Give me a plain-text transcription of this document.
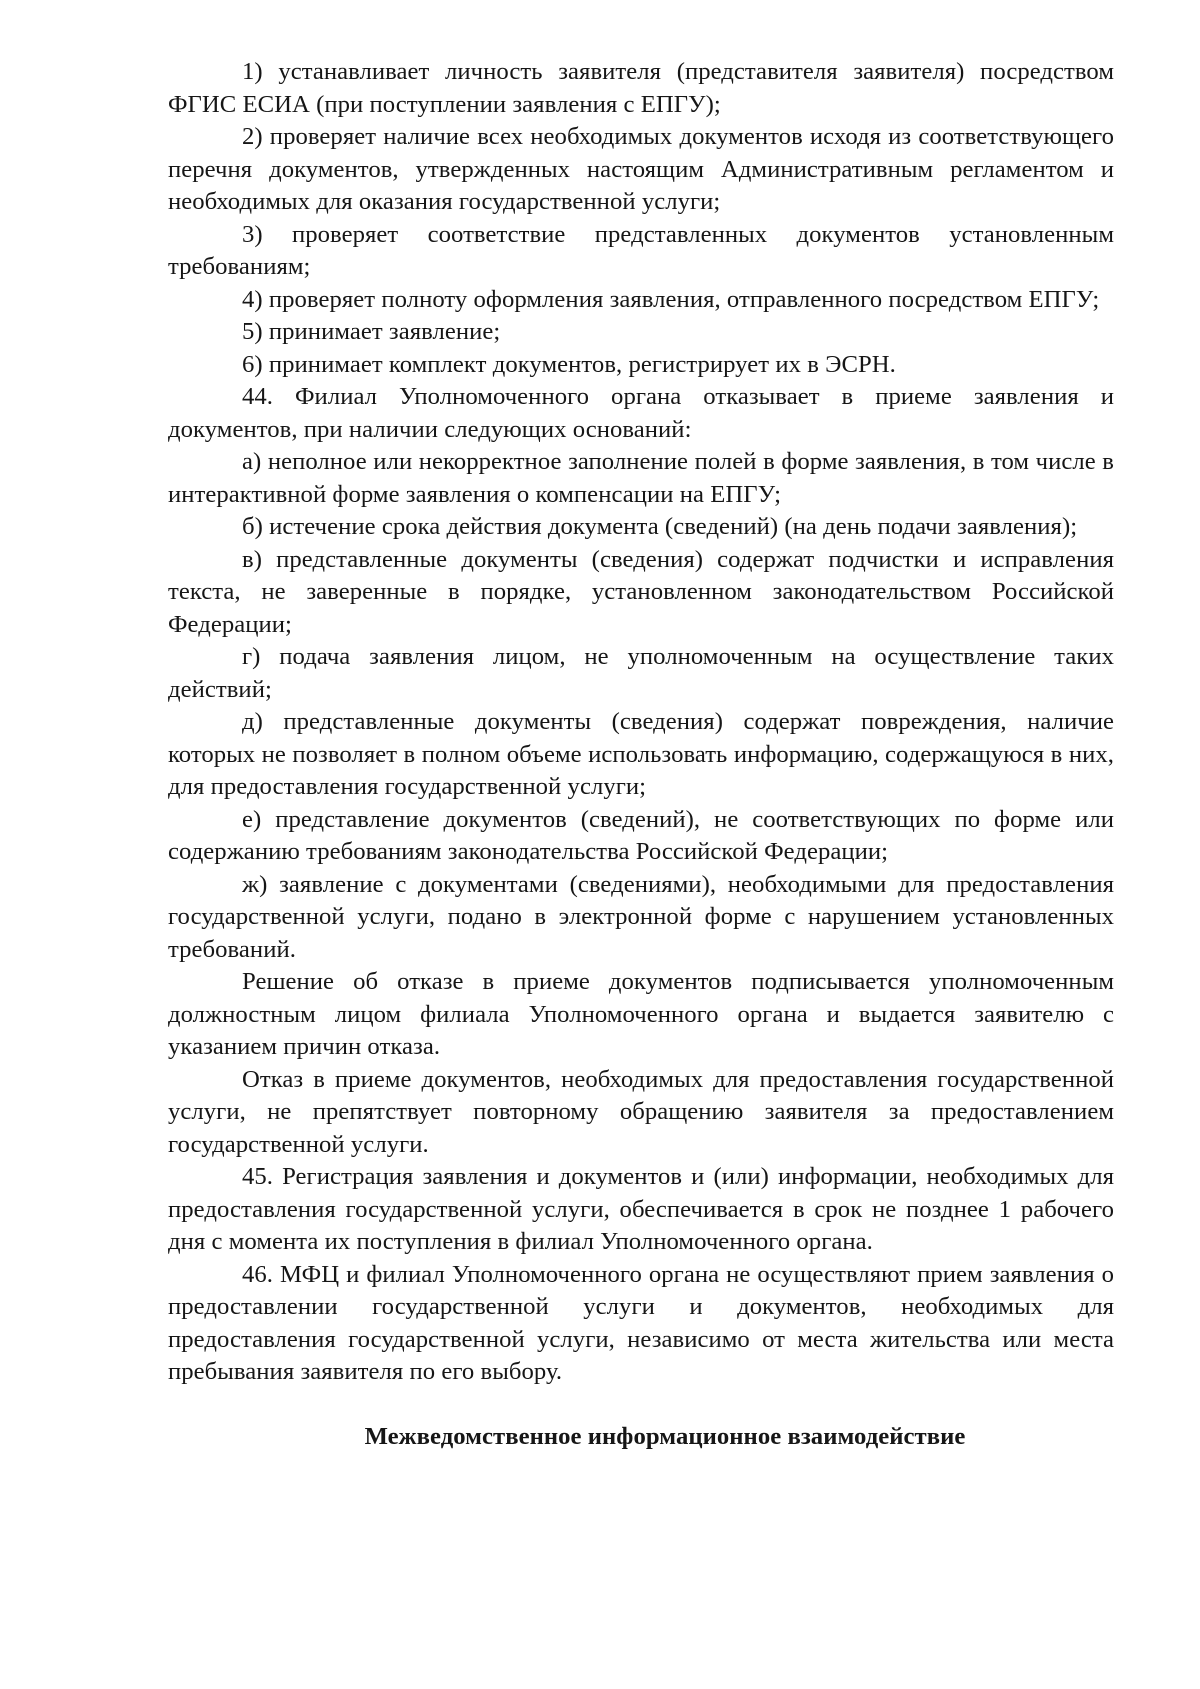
1) устанавливает личность заявителя (представителя заявителя) посредством ФГИС ЕСИА (при поступлении заявления с ЕПГУ);

2) проверяет наличие всех необходимых документов исходя из соответствующего перечня документов, утвержденных настоящим Административным регламентом и необходимых для оказания государственной услуги;

3) проверяет соответствие представленных документов установленным требованиям;

4) проверяет полноту оформления заявления, отправленного посредством ЕПГУ;

5) принимает заявление;

6) принимает комплект документов, регистрирует их в ЭСРН.

44. Филиал Уполномоченного органа отказывает в приеме заявления и документов, при наличии следующих оснований:

а) неполное или некорректное заполнение полей в форме заявления, в том числе в интерактивной форме заявления о компенсации на ЕПГУ;

б) истечение срока действия документа (сведений) (на день подачи заявления);

в) представленные документы (сведения) содержат подчистки и исправления текста, не заверенные в порядке, установленном законодательством Российской Федерации;

г) подача заявления лицом, не уполномоченным на осуществление таких действий;

д) представленные документы (сведения) содержат повреждения, наличие которых не позволяет в полном объеме использовать информацию, содержащуюся в них, для предоставления государственной услуги;

е) представление документов (сведений), не соответствующих по форме или содержанию требованиям законодательства Российской Федерации;

ж) заявление с документами (сведениями), необходимыми для предоставления государственной услуги, подано в электронной форме с нарушением установленных требований.

Решение об отказе в приеме документов подписывается уполномоченным должностным лицом филиала Уполномоченного органа и выдается заявителю с указанием причин отказа.

Отказ в приеме документов, необходимых для предоставления государственной услуги, не препятствует повторному обращению заявителя за предоставлением государственной услуги.

45. Регистрация заявления и документов и (или) информации, необходимых для предоставления государственной услуги, обеспечивается в срок не позднее 1 рабочего дня с момента их поступления в филиал Уполномоченного органа.

46. МФЦ и филиал Уполномоченного органа не осуществляют прием заявления о предоставлении государственной услуги и документов, необходимых для предоставления государственной услуги, независимо от места жительства или места пребывания заявителя по его выбору.

Межведомственное информационное взаимодействие
